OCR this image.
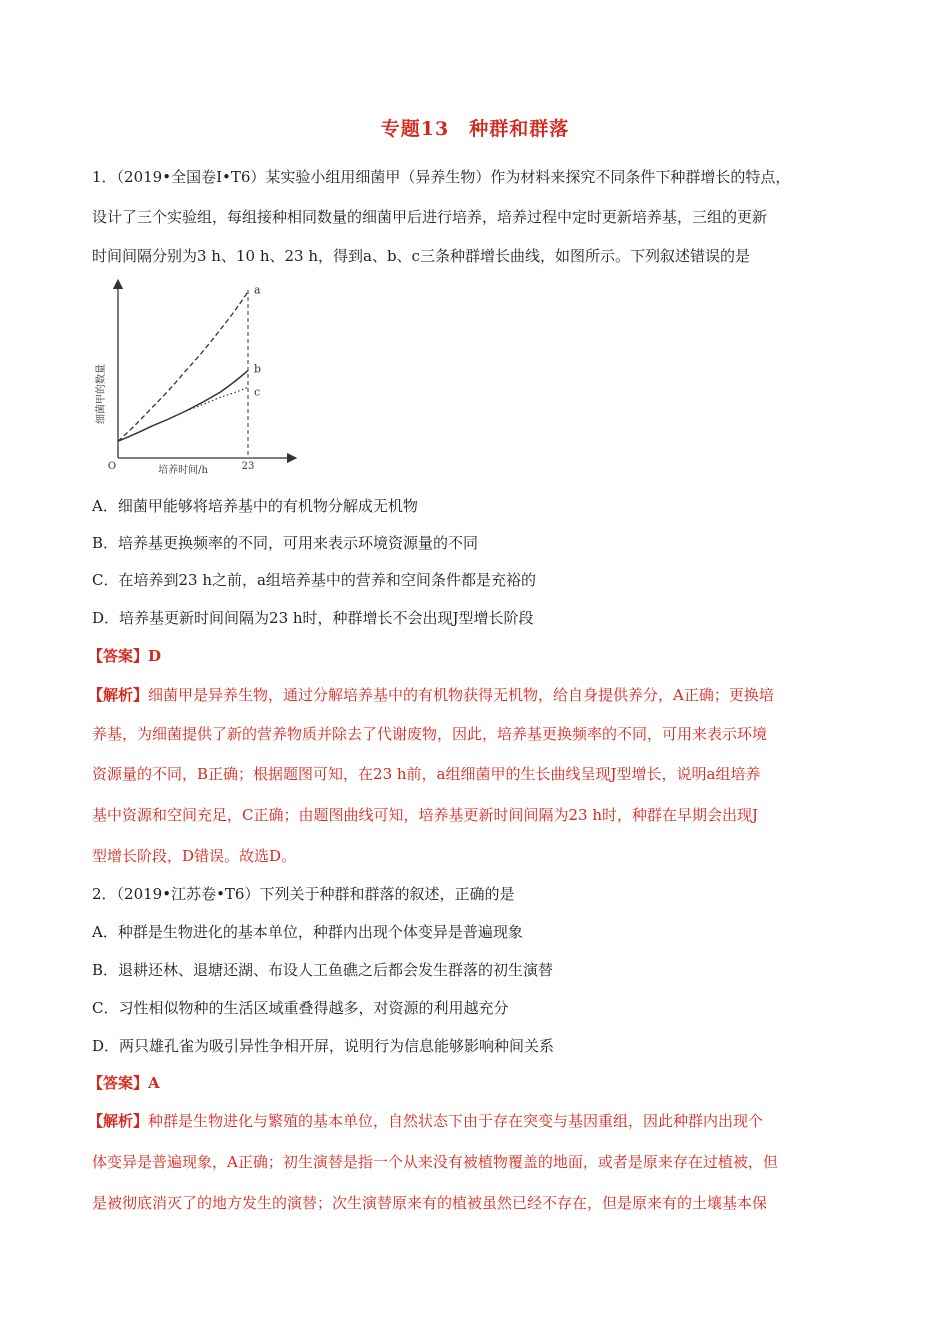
专题13　种群和群落
1．（2019•全国卷Ⅰ•T6）某实验小组用细菌甲（异养生物）作为材料来探究不同条件下种群增长的特点，
设计了三个实验组，每组接种相同数量的细菌甲后进行培养，培养过程中定时更新培养基，三组的更新
时间间隔分别为3 h、10 h、23 h，得到a、b、c三条种群增长曲线，如图所示。下列叙述错误的是
a
b
c
细菌甲的数量
培养时间/h
O	23
A．细菌甲能够将培养基中的有机物分解成无机物
B．培养基更换频率的不同，可用来表示环境资源量的不同
C．在培养到23 h之前，a组培养基中的营养和空间条件都是充裕的
D．培养基更新时间间隔为23 h时，种群增长不会出现J型增长阶段
【答案】D
【解析】细菌甲是异养生物，通过分解培养基中的有机物获得无机物，给自身提供养分，A正确；更换培
养基，为细菌提供了新的营养物质并除去了代谢废物，因此，培养基更换频率的不同，可用来表示环境
资源量的不同，B正确；根据题图可知，在23 h前，a组细菌甲的生长曲线呈现J型增长，说明a组培养
基中资源和空间充足，C正确；由题图曲线可知，培养基更新时间间隔为23 h时，种群在早期会出现J
型增长阶段，D错误。故选D。
2．（2019•江苏卷•T6）下列关于种群和群落的叙述，正确的是
A．种群是生物进化的基本单位，种群内出现个体变异是普遍现象
B．退耕还林、退塘还湖、布设人工鱼礁之后都会发生群落的初生演替
C．习性相似物种的生活区域重叠得越多，对资源的利用越充分
D．两只雄孔雀为吸引异性争相开屏，说明行为信息能够影响种间关系
【答案】A
【解析】种群是生物进化与繁殖的基本单位，自然状态下由于存在突变与基因重组，因此种群内出现个
体变异是普遍现象，A正确；初生演替是指一个从来没有被植物覆盖的地面，或者是原来存在过植被，但
是被彻底消灭了的地方发生的演替；次生演替原来有的植被虽然已经不存在，但是原来有的土壤基本保
